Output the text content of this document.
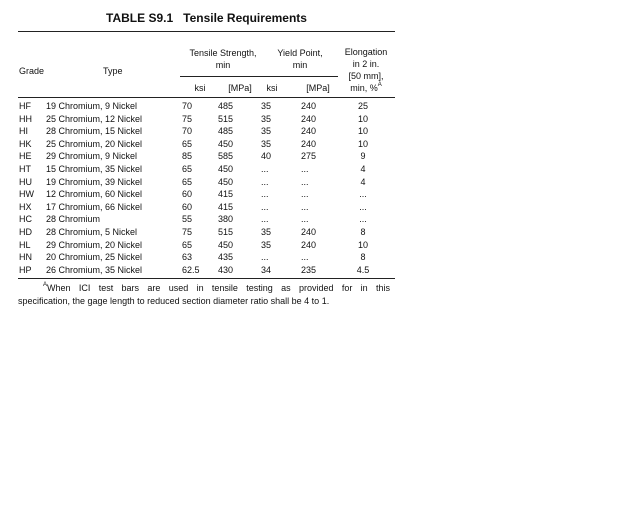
TABLE S9.1   Tensile Requirements
Grade	Type
Tensile Strength,
min
Yield Point,
min
Elongation
in 2 in.
[50 mm],
min, %$^A$
ksi	[MPa]	ksi	[MPa]
HF	19 Chromium, 9 Nickel	70	485	35	240	25
HH	25 Chromium, 12 Nickel	75	515	35	240	10
HI	28 Chromium, 15 Nickel	70	485	35	240	10
HK	25 Chromium, 20 Nickel	65	450	35	240	10
HE	29 Chromium, 9 Nickel	85	585	40	275	9
HT	15 Chromium, 35 Nickel	65	450	...	...	4
HU	19 Chromium, 39 Nickel	65	450	...	...	4
HW	12 Chromium, 60 Nickel	60	415	...	...	...
HX	17 Chromium, 66 Nickel	60	415	...	...	...
HC	28 Chromium	55	380	...	...	...
HD	28 Chromium, 5 Nickel	75	515	35	240	8
HL	29 Chromium, 20 Nickel	65	450	35	240	10
HN	20 Chromium, 25 Nickel	63	435	...	...	8
HP	26 Chromium, 35 Nickel	62.5	430	34	235	4.5
$^A$When ICI test bars are used in tensile testing as provided for in this
specification, the gage length to reduced section diameter ratio shall be 4 to 1.
